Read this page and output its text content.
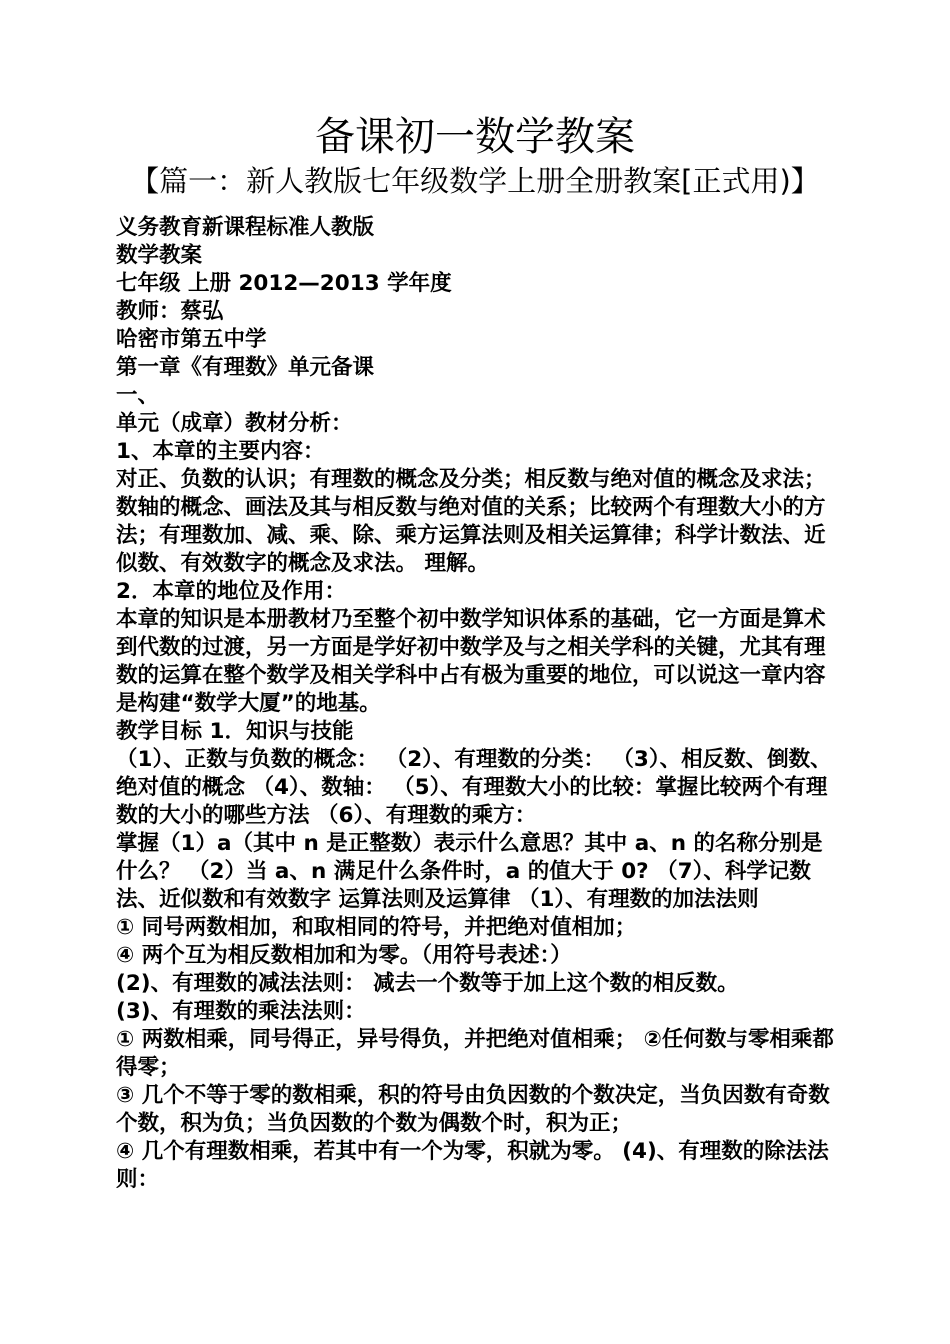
备课初一数学教案
【篇一：新人教版七年级数学上册全册教案[正式用)】
义务教育新课程标准人教版
数学教案
七年级 上册 2012—2013 学年度
教师：蔡弘
哈密市第五中学
第一章《有理数》单元备课
一、
单元（成章）教材分析：
1、本章的主要内容：
对正、负数的认识；有理数的概念及分类；相反数与绝对值的概念及求法；数轴的概念、画法及其与相反数与绝对值的关系；比较两个有理数大小的方法；有理数加、减、乘、除、乘方运算法则及相关运算律；科学计数法、近似数、有效数字的概念及求法。 理解。
2．本章的地位及作用：
本章的知识是本册教材乃至整个初中数学知识体系的基础，它一方面是算术到代数的过渡，另一方面是学好初中数学及与之相关学科的关键，尤其有理数的运算在整个数学及相关学科中占有极为重要的地位，可以说这一章内容是构建“数学大厦”的地基。
教学目标 1．知识与技能
（1）、正数与负数的概念： （2）、有理数的分类： （3）、相反数、倒数、绝对值的概念 （4）、数轴： （5）、有理数大小的比较：掌握比较两个有理数的大小的哪些方法 （6）、有理数的乘方：
掌握（1）a（其中 n 是正整数）表示什么意思？其中 a、n 的名称分别是什么？ （2）当 a、n 满足什么条件时，a 的值大于 0? （7）、科学记数法、近似数和有效数字 运算法则及运算律 （1）、有理数的加法法则
① 同号两数相加，和取相同的符号，并把绝对值相加；
④ 两个互为相反数相加和为零。（用符号表述：）
(2)、有理数的减法法则： 减去一个数等于加上这个数的相反数。
(3)、有理数的乘法法则：
① 两数相乘，同号得正，异号得负，并把绝对值相乘； ②任何数与零相乘都得零；
③ 几个不等于零的数相乘，积的符号由负因数的个数决定，当负因数有奇数个数，积为负；当负因数的个数为偶数个时，积为正；
④ 几个有理数相乘，若其中有一个为零，积就为零。 (4)、有理数的除法法则：
